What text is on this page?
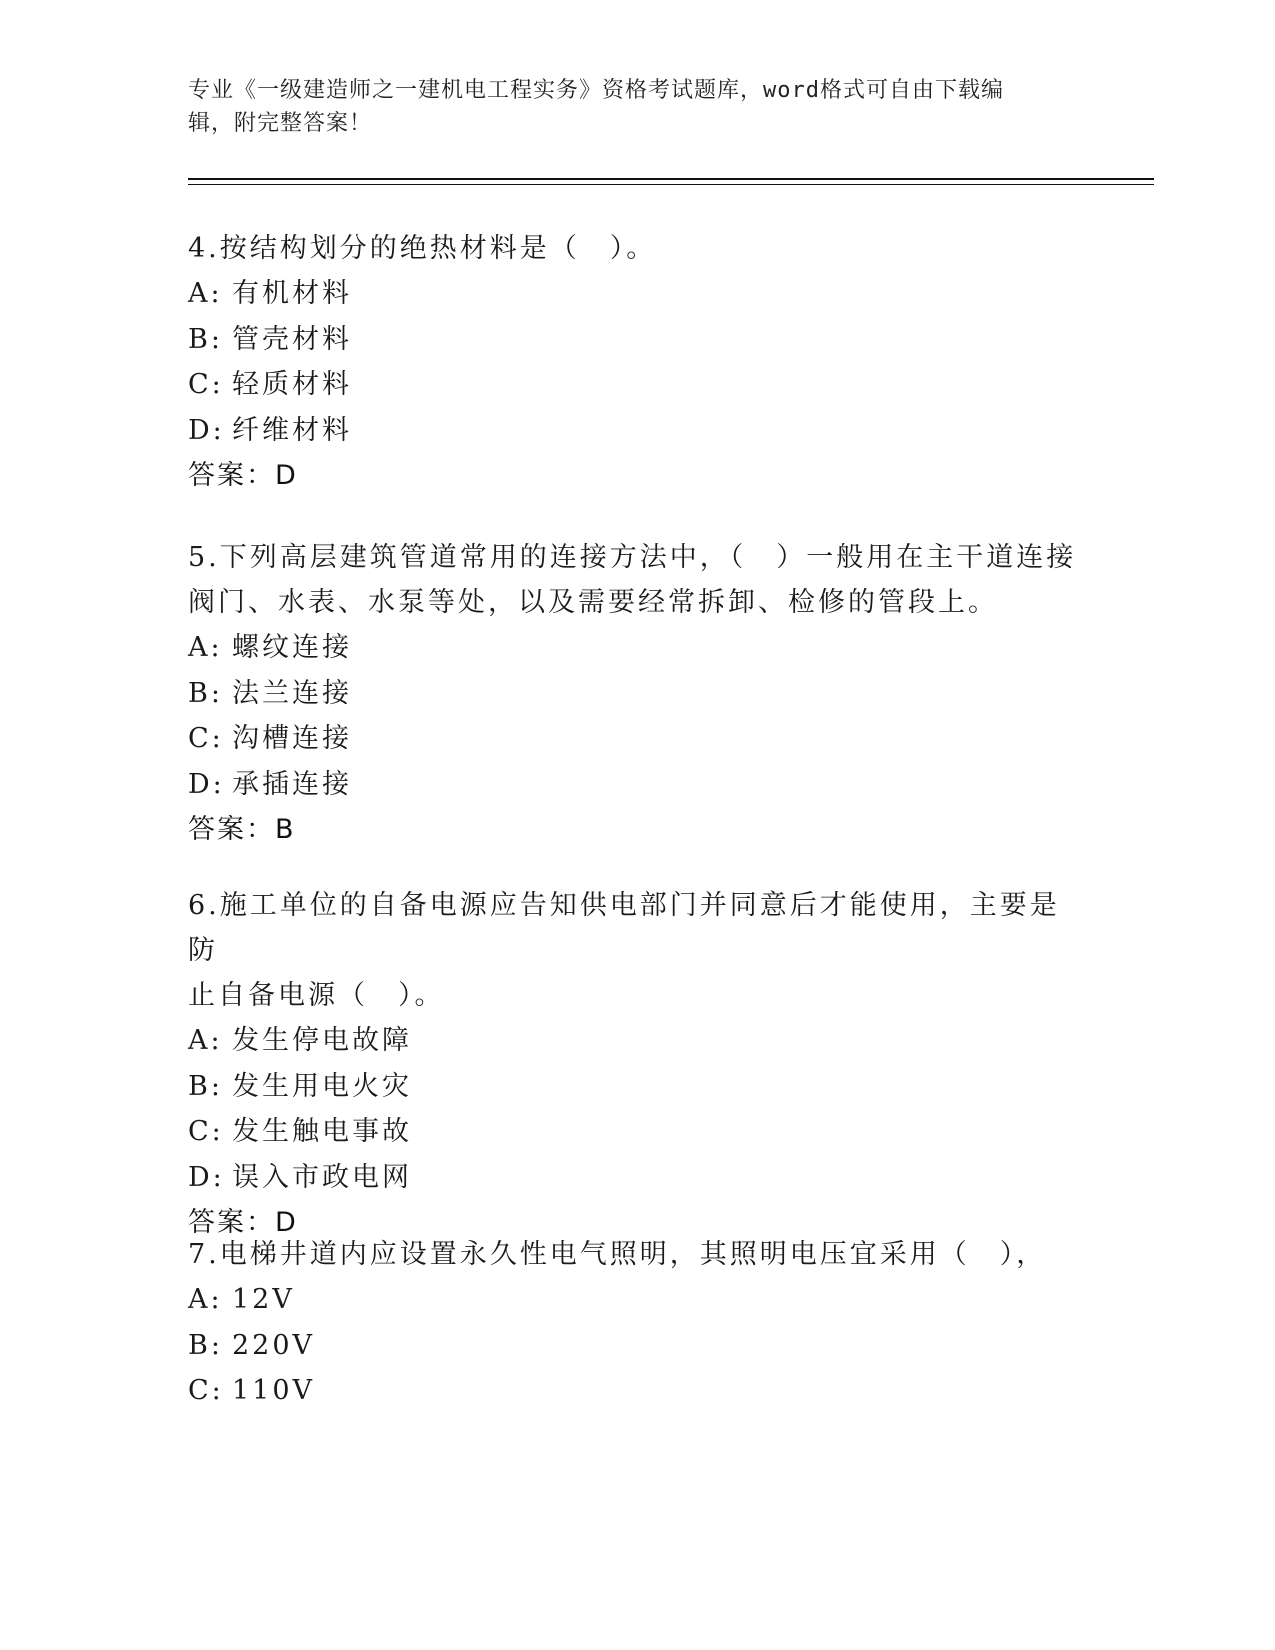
专业《一级建造师之一建机电工程实务》资格考试题库，word格式可自由下载编
辑，附完整答案！

4.按结构划分的绝热材料是（　）。

A: 有机材料

B: 管壳材料

C: 轻质材料

D: 纤维材料

答案：D

5.下列高层建筑管道常用的连接方法中，（　）一般用在主干道连接

阀门、水表、水泵等处，以及需要经常拆卸、检修的管段上。

A: 螺纹连接

B: 法兰连接

C: 沟槽连接

D: 承插连接

答案：B

6.施工单位的自备电源应告知供电部门并同意后才能使用，主要是防

止自备电源（　）。

A: 发生停电故障

B: 发生用电火灾

C: 发生触电事故

D: 误入市政电网

答案：D

7.电梯井道内应设置永久性电气照明，其照明电压宜采用（　），

A: 12V

B: 220V

C: 110V
